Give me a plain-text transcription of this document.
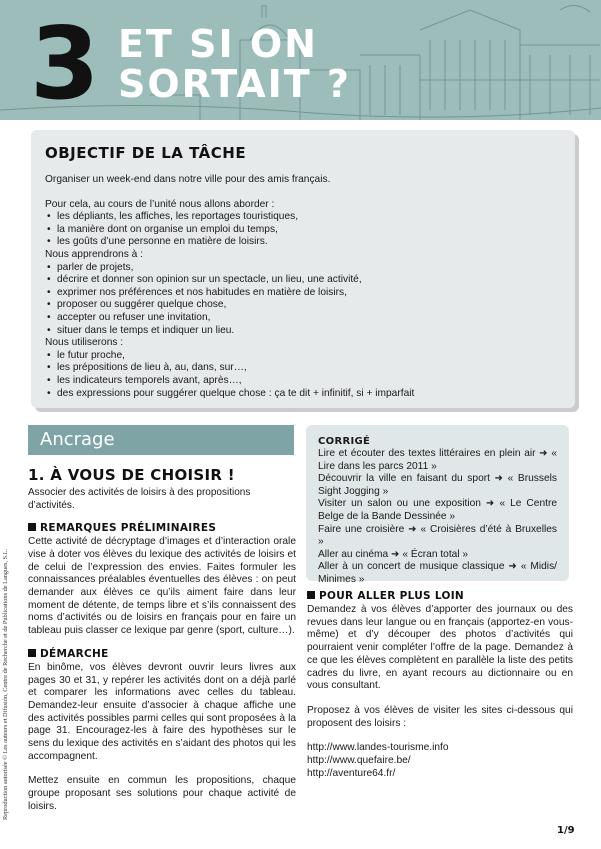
3 ET SI ON
SORTAIT ?
OBJECTIF DE LA TÂCHE

Organiser un week-end dans notre ville pour des amis français.

Pour cela, au cours de l’unité nous allons aborder :

• les dépliants, les affiches, les reportages touristiques,
• la manière dont on organise un emploi du temps,
• les goûts d’une personne en matière de loisirs.

Nous apprendrons à :

• parler de projets,
• décrire et donner son opinion sur un spectacle, un lieu, une activité,
• exprimer nos préférences et nos habitudes en matière de loisirs,
• proposer ou suggérer quelque chose,
• accepter ou refuser une invitation,
• situer dans le temps et indiquer un lieu.

Nous utiliserons :

• le futur proche,
• les prépositions de lieu à, au, dans, sur…,
• les indicateurs temporels avant, après…,
• des expressions pour suggérer quelque chose : ça te dit + infinitif, si + imparfait
Ancrage
1. À VOUS DE CHOISIR !

Associer des activités de loisirs à des propositions d’activités.

REMARQUES PRÉLIMINAIRES

Cette activité de décryptage d’images et d’interaction orale vise à doter vos élèves du lexique des activités de loisirs et de celui de l’expression des envies. Faites formuler les connaissances préalables éventuelles des élèves : on peut demander aux élèves ce qu’ils aiment faire dans leur moment de détente, de temps libre et s’ils connaissent des noms d’activités ou de loisirs en français pour en faire un tableau puis classer ce lexique par genre (sport, culture…).

DÉMARCHE

En binôme, vos élèves devront ouvrir leurs livres aux pages 30 et 31, y repérer les activités dont on a déjà parlé et comparer les informations avec celles du tableau. Demandez-leur ensuite d’associer à chaque affiche une des activités possibles parmi celles qui sont proposées à la page 31. Encouragez-les à faire des hypothèses sur le sens du lexique des activités en s’aidant des photos qui les accompagnent.

Mettez ensuite en commun les propositions, chaque groupe proposant ses solutions pour chaque activité de loisirs.

CORRIGÉ

Lire et écouter des textes littéraires en plein air ➜ « Lire dans les parcs 2011 »

Découvrir la ville en faisant du sport ➜ « Brussels Sight Jogging »

Visiter un salon ou une exposition ➜ « Le Centre Belge de la Bande Dessinée »

Faire une croisière ➜ « Croisières d’été à Bruxelles »

Aller au cinéma ➜ « Écran total »

Aller à un concert de musique classique ➜ « Midis/ Minimes »

POUR ALLER PLUS LOIN

Demandez à vos élèves d’apporter des journaux ou des revues dans leur langue ou en français (apportez-en vous-même) et d’y découper des photos d’activités qui pourraient venir compléter l’offre de la page. Demandez à ce que les élèves complètent en parallèle la liste des petits cadres du livre, en ayant recours au dictionnaire ou en vous consultant.

Proposez à vos élèves de visiter les sites ci-dessous qui proposent des loisirs :

http://www.landes-tourisme.info

http://www.quefaire.be/

http://aventure64.fr/

Reproduction autorisée © Les auteurs et Difusión, Centre de Recherche et de Publications de Langues, S.L.
1/9
